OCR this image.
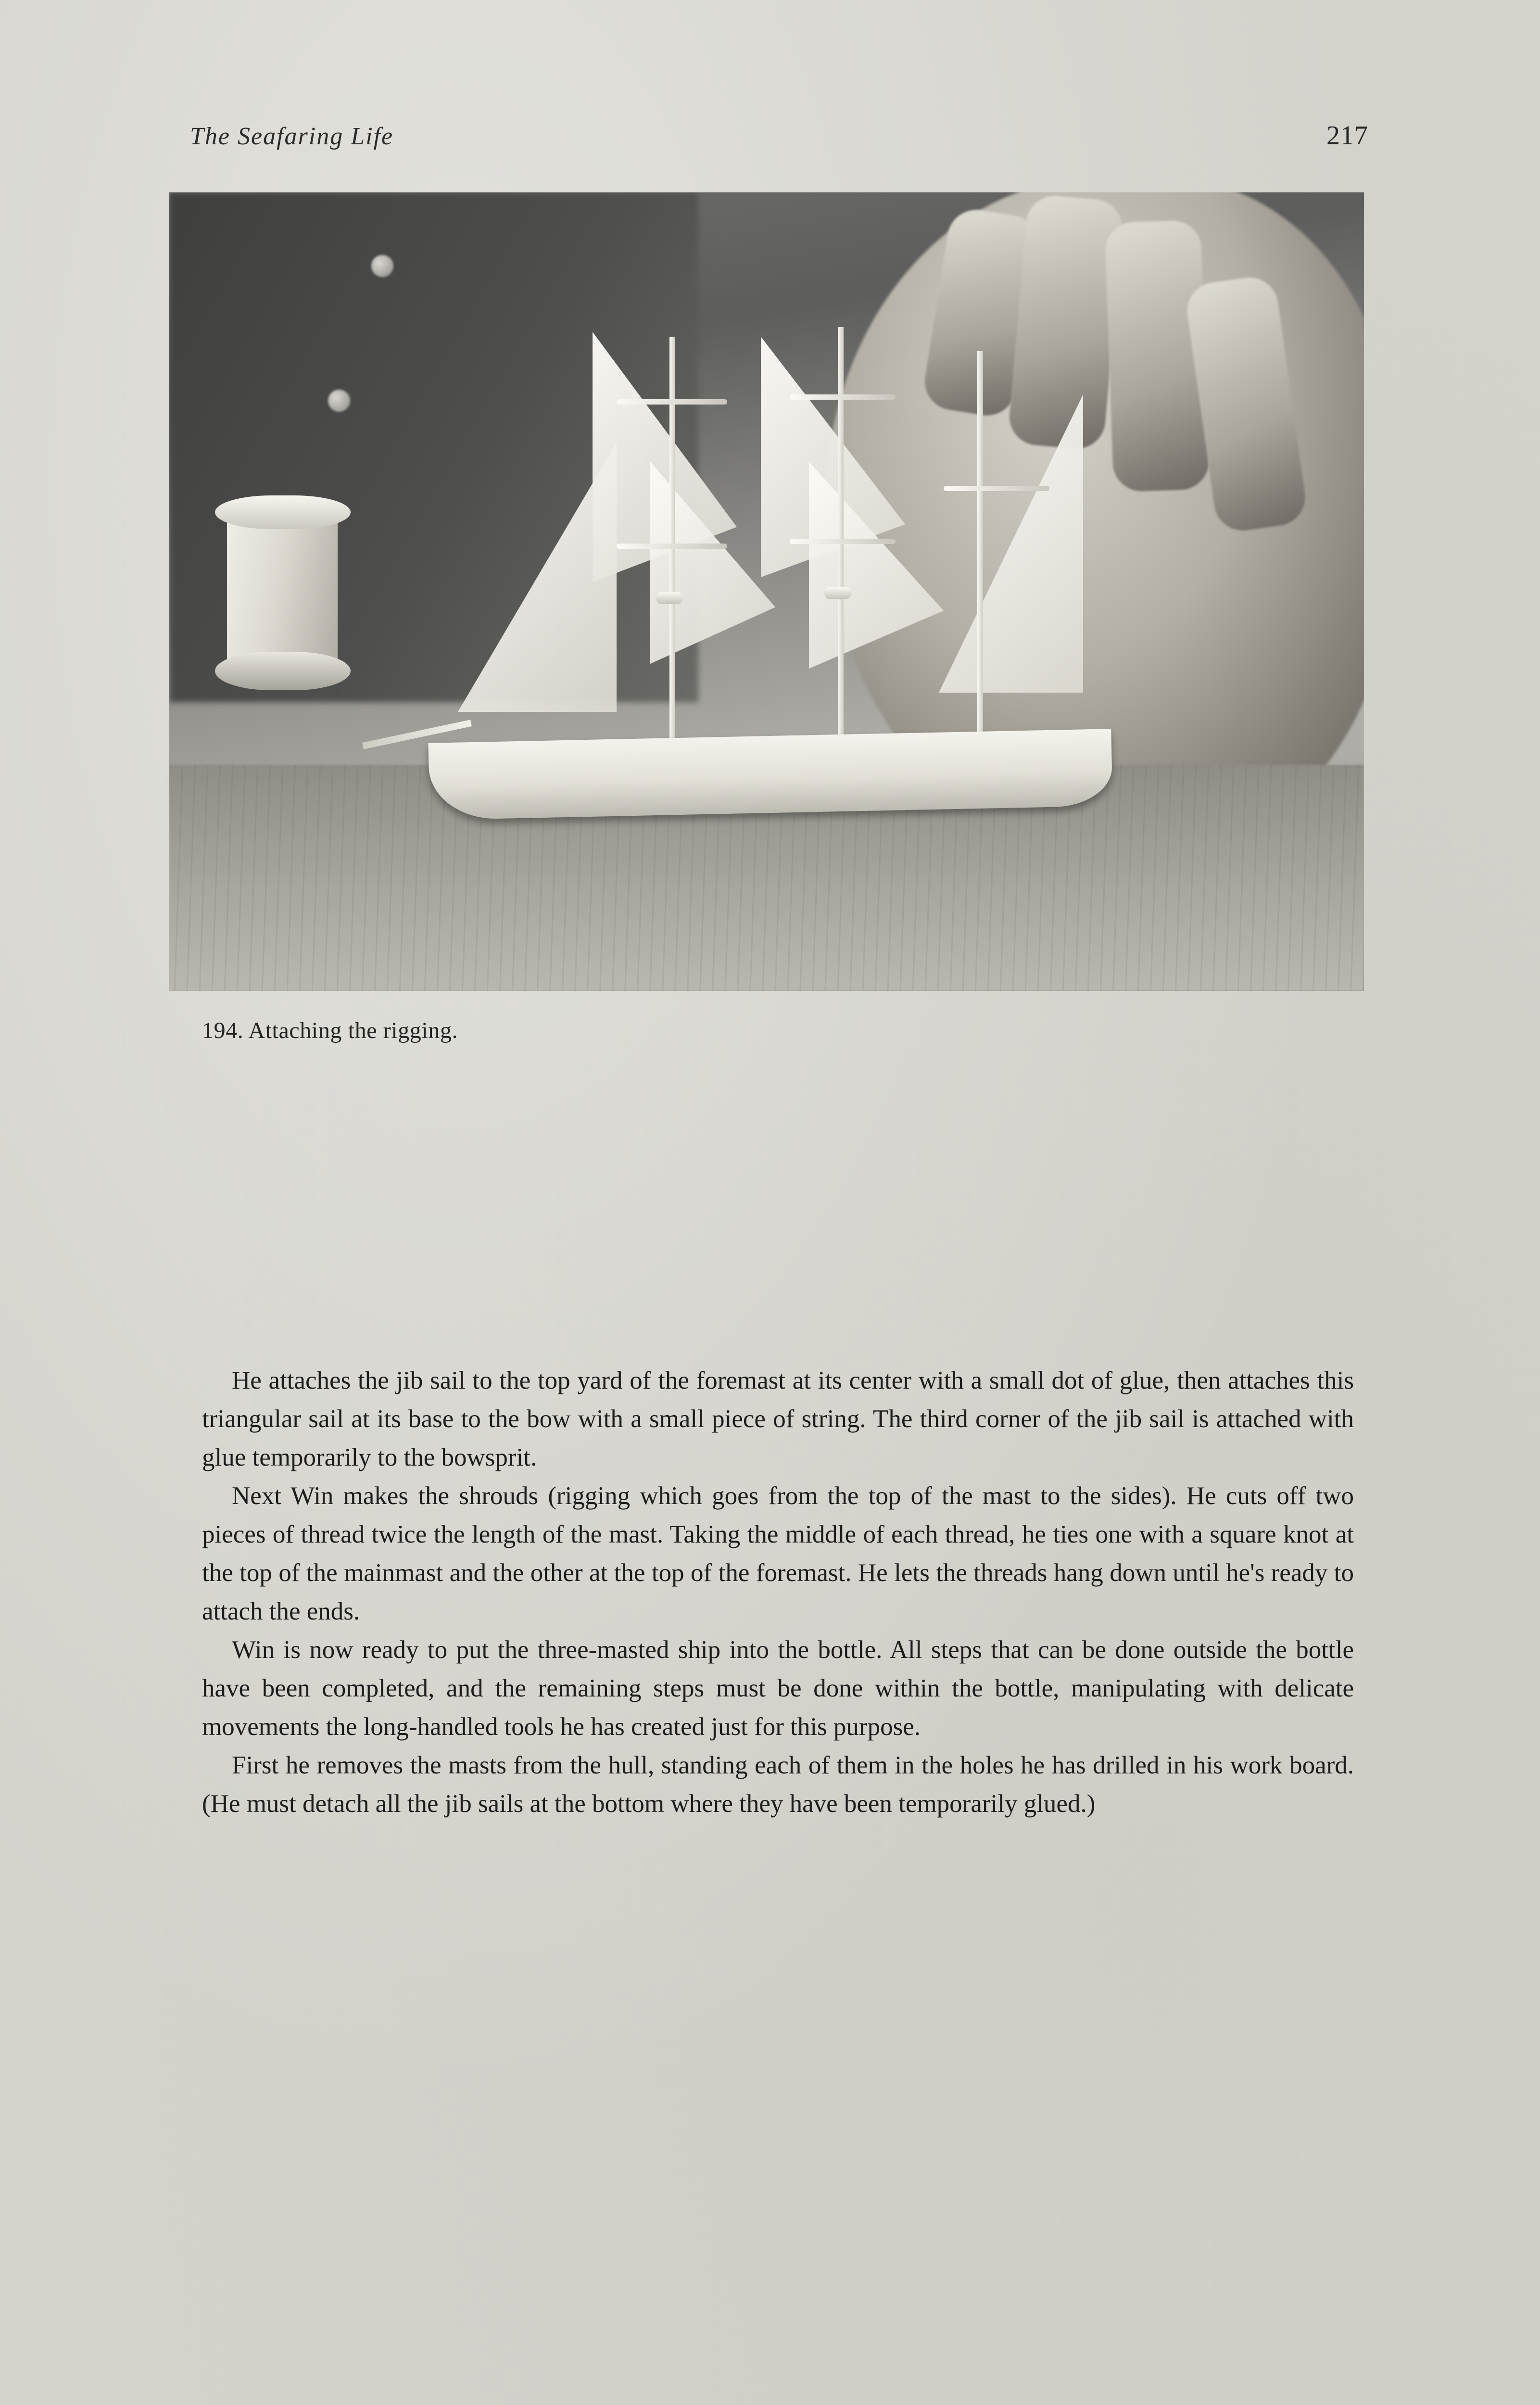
The Seafaring Life	217
194. Attaching the rigging.

He attaches the jib sail to the top yard of the foremast at its center with a small dot of glue, then attaches this triangular sail at its base to the bow with a small piece of string. The third corner of the jib sail is attached with glue temporarily to the bowsprit.

Next Win makes the shrouds (rigging which goes from the top of the mast to the sides). He cuts off two pieces of thread twice the length of the mast. Taking the middle of each thread, he ties one with a square knot at the top of the mainmast and the other at the top of the foremast. He lets the threads hang down until he's ready to attach the ends.

Win is now ready to put the three-masted ship into the bottle. All steps that can be done outside the bottle have been completed, and the remaining steps must be done within the bottle, manipulating with delicate movements the long-handled tools he has created just for this purpose.

First he removes the masts from the hull, standing each of them in the holes he has drilled in his work board. (He must detach all the jib sails at the bottom where they have been temporarily glued.)
